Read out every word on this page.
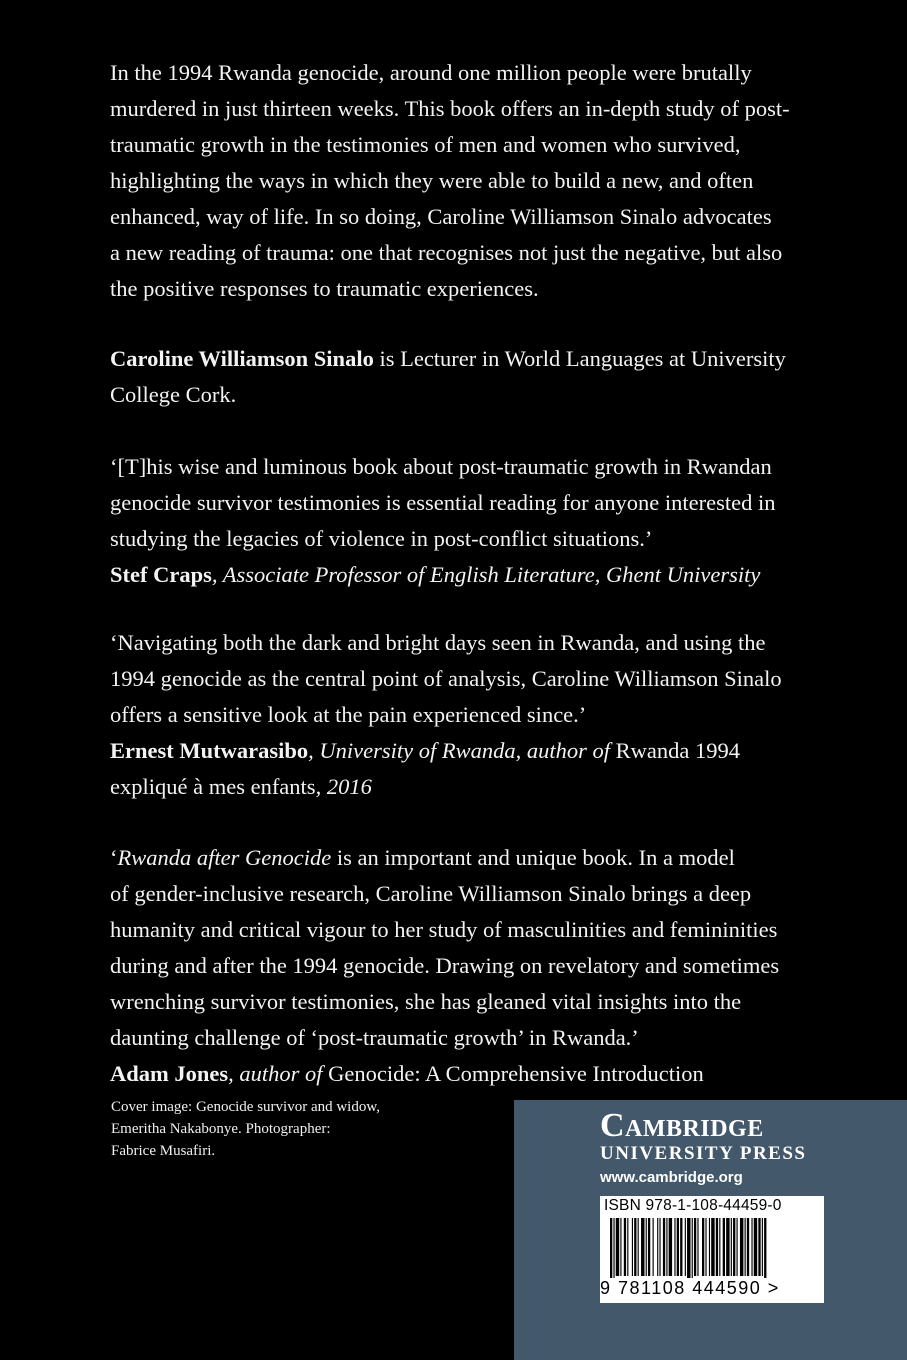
In the 1994 Rwanda genocide, around one million people were brutally
murdered in just thirteen weeks. This book offers an in-depth study of post-
traumatic growth in the testimonies of men and women who survived,
highlighting the ways in which they were able to build a new, and often
enhanced, way of life. In so doing, Caroline Williamson Sinalo advocates
a new reading of trauma: one that recognises not just the negative, but also
the positive responses to traumatic experiences.
Caroline Williamson Sinalo is Lecturer in World Languages at University
College Cork.
‘[T]his wise and luminous book about post-traumatic growth in Rwandan
genocide survivor testimonies is essential reading for anyone interested in
studying the legacies of violence in post-conflict situations.’
Stef Craps, Associate Professor of English Literature, Ghent University
‘Navigating both the dark and bright days seen in Rwanda, and using the
1994 genocide as the central point of analysis, Caroline Williamson Sinalo
offers a sensitive look at the pain experienced since.’
Ernest Mutwarasibo, University of Rwanda, author of Rwanda 1994
expliqué à mes enfants, 2016
‘Rwanda after Genocide is an important and unique book. In a model
of gender-inclusive research, Caroline Williamson Sinalo brings a deep
humanity and critical vigour to her study of masculinities and femininities
during and after the 1994 genocide. Drawing on revelatory and sometimes
wrenching survivor testimonies, she has gleaned vital insights into the
daunting challenge of ‘post-traumatic growth’ in Rwanda.’
Adam Jones, author of Genocide: A Comprehensive Introduction
Cover image: Genocide survivor and widow,
Emeritha Nakabonye. Photographer:
Fabrice Musafiri.
Cambridge
UNIVERSITY PRESS
www.cambridge.org
ISBN 978-1-108-44459-0
9 781108 444590 >
